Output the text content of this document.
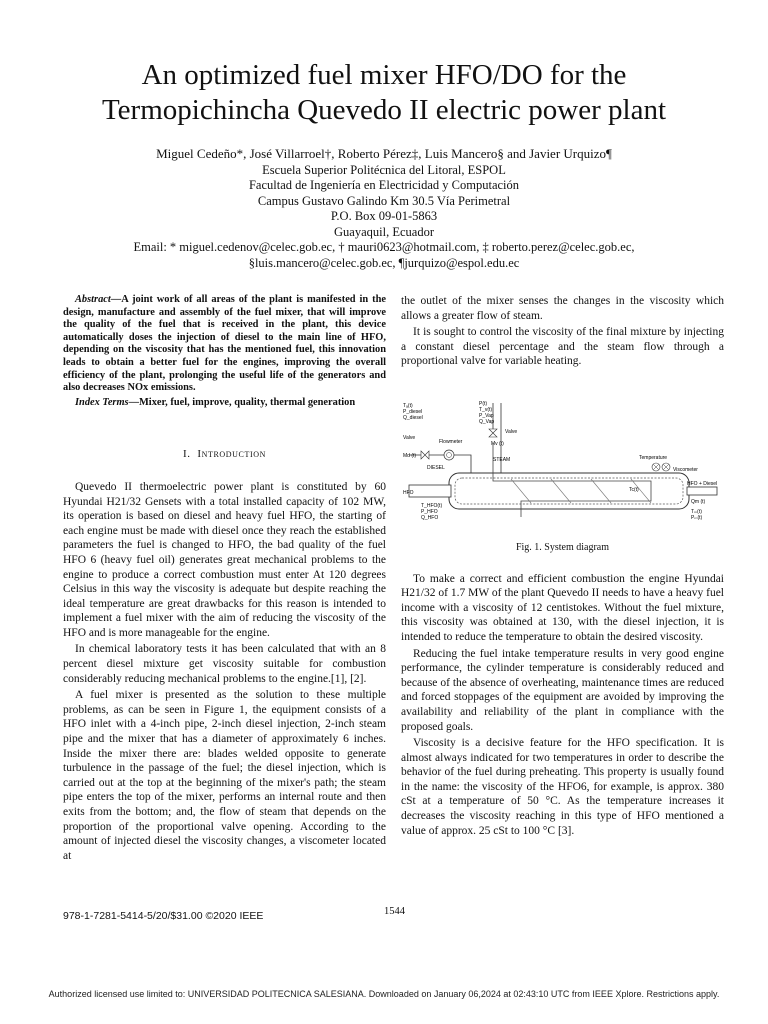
An optimized fuel mixer HFO/DO for the
Termopichincha Quevedo II electric power plant
Miguel Cedeño*, José Villarroel†, Roberto Pérez‡, Luis Mancero§ and Javier Urquizo¶
Escuela Superior Politécnica del Litoral, ESPOL
Facultad de Ingeniería en Electricidad y Computación
Campus Gustavo Galindo Km 30.5 Vía Perimetral
P.O. Box 09-01-5863
Guayaquil, Ecuador
Email: * miguel.cedenov@celec.gob.ec, † mauri0623@hotmail.com, ‡ roberto.perez@celec.gob.ec,
§luis.mancero@celec.gob.ec, ¶jurquizo@espol.edu.ec

Abstract—A joint work of all areas of the plant is manifested in the design, manufacture and assembly of the fuel mixer, that will improve the quality of the fuel that is received in the plant, this device automatically doses the injection of diesel to the main line of HFO, depending on the viscosity that has the mentioned fuel, this innovation leads to obtain a better fuel for the engines, improving the overall efficiency of the plant, prolonging the useful life of the generators and also decreases NOx emissions.

Index Terms—Mixer, fuel, improve, quality, thermal generation

I. Introduction

Quevedo II thermoelectric power plant is constituted by 60 Hyundai H21/32 Gensets with a total installed capacity of 102 MW, its operation is based on diesel and heavy fuel HFO, the starting of each engine must be made with diesel once they reach the established parameters the fuel is changed to HFO, the bad quality of the fuel HFO 6 (heavy fuel oil) generates great mechanical problems to the engine to produce a correct combustion must enter At 120 degrees Celsius in this way the viscosity is adequate but despite reaching the ideal temperature are great drawbacks for this reason is intended to implement a fuel mixer with the aim of reducing the viscosity of the HFO and is more manageable for the engine.

In chemical laboratory tests it has been calculated that with an 8 percent diesel mixture get viscosity suitable for combustion considerably reducing mechanical problems to the engine.[1], [2].

A fuel mixer is presented as the solution to these multiple problems, as can be seen in Figure 1, the equipment consists of a HFO inlet with a 4-inch pipe, 2-inch diesel injection, 2-inch steam pipe and the mixer that has a diameter of approximately 6 inches. Inside the mixer there are: blades welded opposite to generate turbulence in the passage of the fuel; the diesel injection, which is carried out at the top at the beginning of the mixer's path; the steam pipe enters the top of the mixer, performs an internal route and then exits from the bottom; and, the flow of steam that depends on the proportion of the proportional valve opening. According to the amount of injected diesel the viscosity changes, a viscometer located at

the outlet of the mixer senses the changes in the viscosity which allows a greater flow of steam.

It is sought to control the viscosity of the final mixture by injecting a constant diesel percentage and the steam flow through a proportional valve for variable heating.

Tₐ(t)
P_diesel
Q_diesel
P(t)
T_v(t)
P_Vap
Q_Vap
Valve
Flowmeter
Valve
Mv (t)
Md (t)
DIESEL
STEAM	Temperature
Viscometer
Tc(t)
HFO
T_HFO(t)
P_HFO
Q_HFO
HFO + Diesel
Qm (t)
Tₘ(t)
Pₘ(t)
Fig. 1. System diagram

To make a correct and efficient combustion the engine Hyundai H21/32 of 1.7 MW of the plant Quevedo II needs to have a heavy fuel income with a viscosity of 12 centistokes. Without the fuel mixture, this viscosity was obtained at 130, with the diesel injection, it is intended to reduce the temperature to obtain the desired viscosity.

Reducing the fuel intake temperature results in very good engine performance, the cylinder temperature is considerably reduced and because of the absence of overheating, maintenance times are reduced and forced stoppages of the equipment are avoided by improving the availability and reliability of the plant in compliance with the proposed goals.

Viscosity is a decisive feature for the HFO specification. It is almost always indicated for two temperatures in order to describe the behavior of the fuel during preheating. This property is usually found in the name: the viscosity of the HFO6, for example, is approx. 380 cSt at a temperature of 50 °C. As the temperature increases it decreases the viscosity reaching in this type of HFO mentioned a value of approx. 25 cSt to 100 °C [3].

978-1-7281-5414-5/20/$31.00 ©2020 IEEE	1544
Authorized licensed use limited to: UNIVERSIDAD POLITECNICA SALESIANA. Downloaded on January 06,2024 at 02:43:10 UTC from IEEE Xplore. Restrictions apply.
